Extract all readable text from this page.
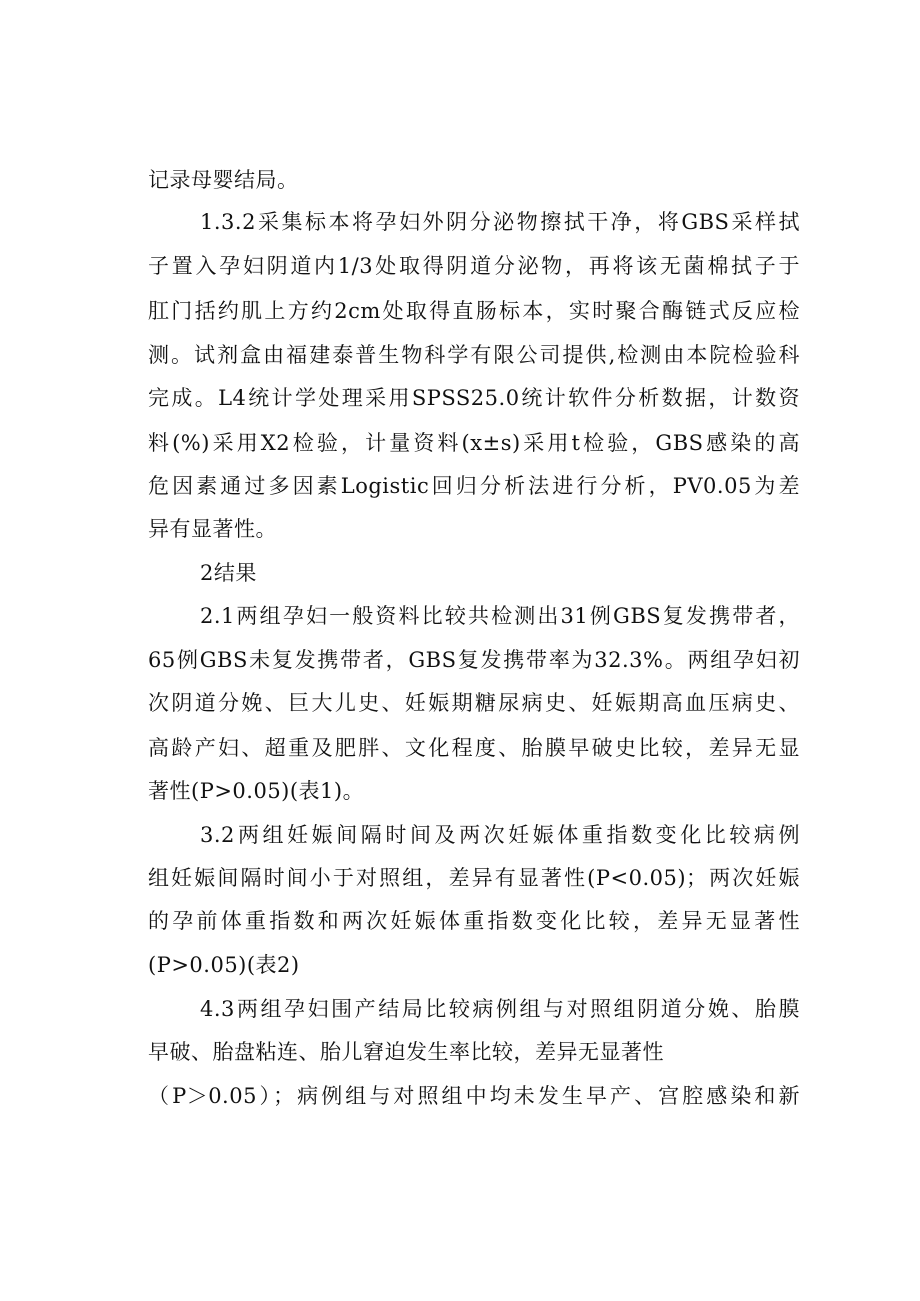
记录母婴结局。
1.3.2采集标本将孕妇外阴分泌物擦拭干净，将GBS采样拭
子置入孕妇阴道内1/3处取得阴道分泌物，再将该无菌棉拭子于
肛门括约肌上方约2cm处取得直肠标本，实时聚合酶链式反应检
测。试剂盒由福建泰普生物科学有限公司提供,检测由本院检验科
完成。L4统计学处理采用SPSS25.0统计软件分析数据，计数资
料(%)采用X2检验，计量资料(x±s)采用t检验，GBS感染的高
危因素通过多因素Logistic回归分析法进行分析，PV0.05为差
异有显著性。
2结果
2.1两组孕妇一般资料比较共检测出31例GBS复发携带者，
65例GBS未复发携带者，GBS复发携带率为32.3%。两组孕妇初
次阴道分娩、巨大儿史、妊娠期糖尿病史、妊娠期高血压病史、
高龄产妇、超重及肥胖、文化程度、胎膜早破史比较，差异无显
著性(P>0.05)(表1)。
3.2两组妊娠间隔时间及两次妊娠体重指数变化比较病例
组妊娠间隔时间小于对照组，差异有显著性(P<0.05)；两次妊娠
的孕前体重指数和两次妊娠体重指数变化比较，差异无显著性
(P>0.05)(表2)
4.3两组孕妇围产结局比较病例组与对照组阴道分娩、胎膜
早破、胎盘粘连、胎儿窘迫发生率比较，差异无显著性
（P＞0.05）；病例组与对照组中均未发生早产、宫腔感染和新
